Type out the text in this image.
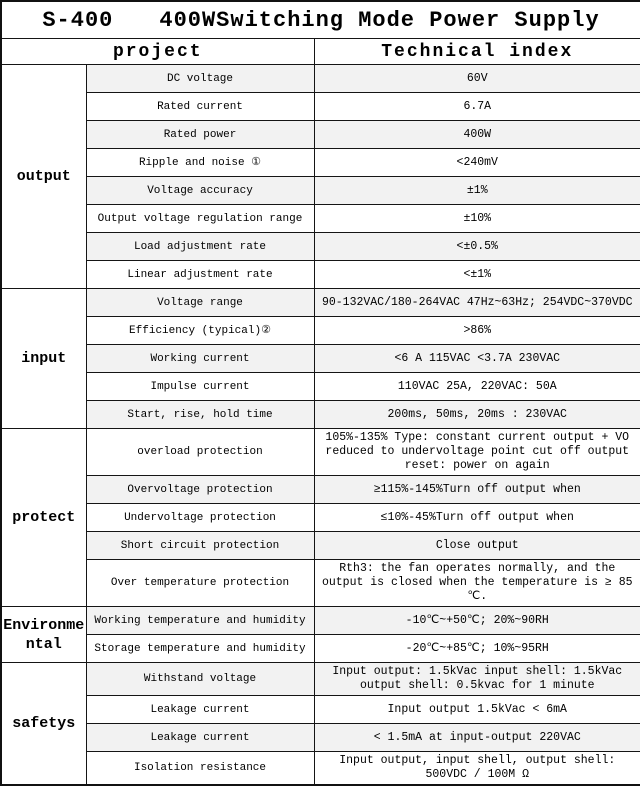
S-400 400WSwitching Mode Power Supply		
project		Technical index
output	DC voltage	60V
	Rated current	6.7A
	Rated power	400W
	Ripple and noise ①	<240mV
	Voltage accuracy	±1%
	Output voltage regulation range	±10%
	Load adjustment rate	<±0.5%
	Linear adjustment rate	<±1%
input	Voltage range	90-132VAC/180-264VAC 47Hz~63Hz; 254VDC~370VDC
	Efficiency (typical)②	>86%
	Working current	<6 A 115VAC <3.7A 230VAC
	Impulse current	110VAC 25A, 220VAC: 50A
	Start, rise, hold time	200ms, 50ms, 20ms : 230VAC
protect	overload protection	105%-135% Type: constant current output + VO reduced to undervoltage point cut off output reset: power on again
	Overvoltage protection	≥115%-145%Turn off output when
	Undervoltage protection	≤10%-45%Turn off output when
	Short circuit protection	Close output
	Over temperature protection	Rth3: the fan operates normally, and the output is closed when the temperature is ≥ 85 ℃.
Environmental	Working temperature and humidity	-10℃~+50℃; 20%~90RH
	Storage temperature and humidity	-20℃~+85℃; 10%~95RH
safetys	Withstand voltage	Input output: 1.5kVac input shell: 1.5kVac output shell: 0.5kvac for 1 minute
	Leakage current	Input output 1.5kVac < 6mA
	Leakage current	< 1.5mA at input-output 220VAC
	Isolation resistance	Input output, input shell, output shell: 500VDC / 100M Ω
